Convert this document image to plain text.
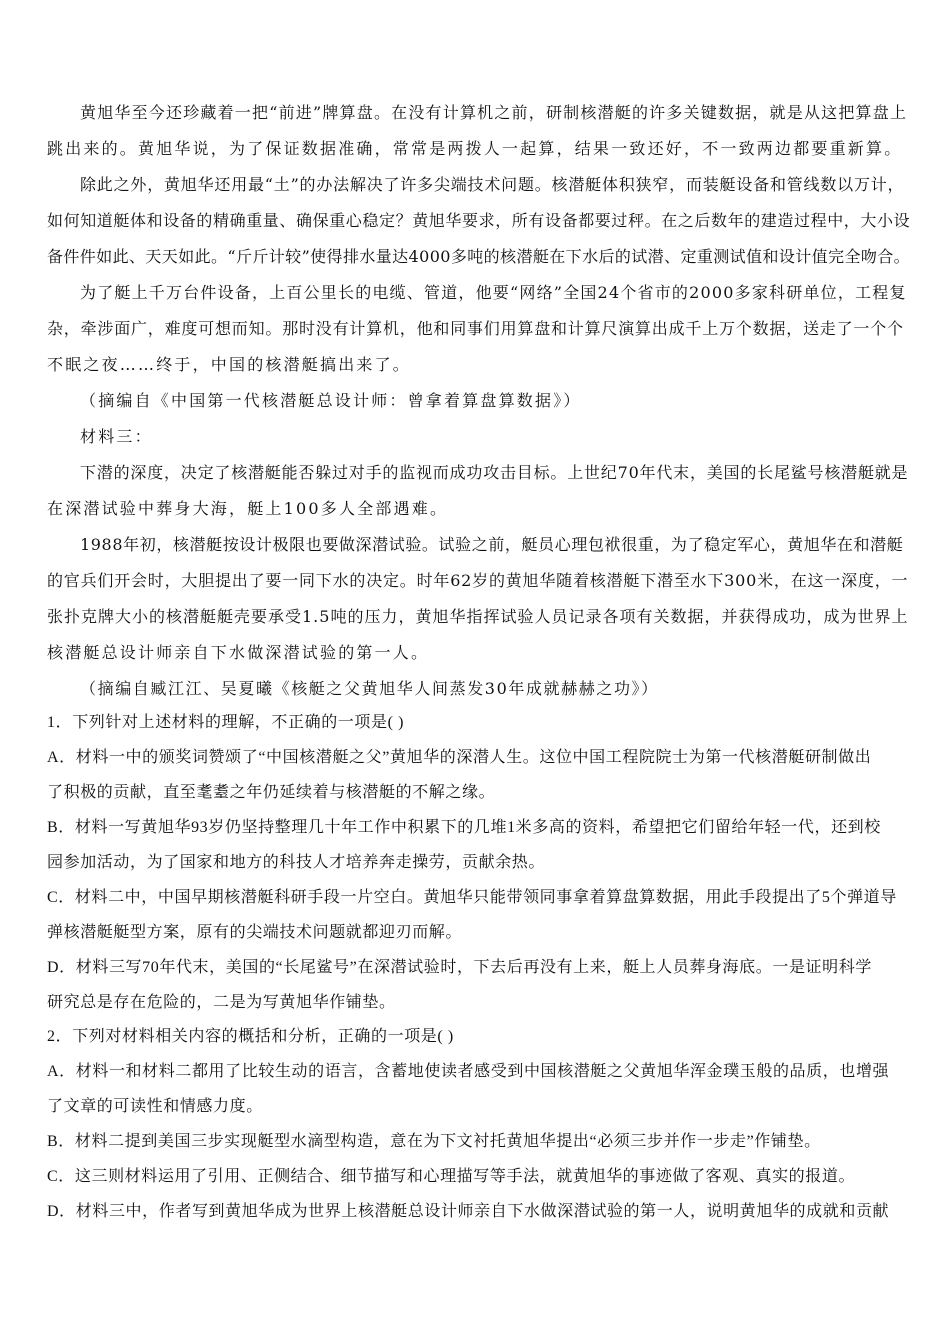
黄旭华至今还珍藏着一把“前进”牌算盘。在没有计算机之前，研制核潜艇的许多关键数据，就是从这把算盘上
跳出来的。黄旭华说，为了保证数据准确，常常是两拨人一起算，结果一致还好，不一致两边都要重新算。
除此之外，黄旭华还用最“土”的办法解决了许多尖端技术问题。核潜艇体积狭窄，而装艇设备和管线数以万计，
如何知道艇体和设备的精确重量、确保重心稳定？黄旭华要求，所有设备都要过秤。在之后数年的建造过程中，大小设
备件件如此、天天如此。“斤斤计较”使得排水量达4000多吨的核潜艇在下水后的试潜、定重测试值和设计值完全吻合。
为了艇上千万台件设备，上百公里长的电缆、管道，他要“网络”全国24个省市的2000多家科研单位，工程复
杂，牵涉面广，难度可想而知。那时没有计算机，他和同事们用算盘和计算尺演算出成千上万个数据，送走了一个个
不眠之夜……终于，中国的核潜艇搞出来了。
（摘编自《中国第一代核潜艇总设计师：曾拿着算盘算数据》）
材料三：
下潜的深度，决定了核潜艇能否躲过对手的监视而成功攻击目标。上世纪70年代末，美国的长尾鲨号核潜艇就是
在深潜试验中葬身大海，艇上100多人全部遇难。
1988年初，核潜艇按设计极限也要做深潜试验。试验之前，艇员心理包袱很重，为了稳定军心，黄旭华在和潜艇
的官兵们开会时，大胆提出了要一同下水的决定。时年62岁的黄旭华随着核潜艇下潜至水下300米，在这一深度，一
张扑克牌大小的核潜艇艇壳要承受1.5吨的压力，黄旭华指挥试验人员记录各项有关数据，并获得成功，成为世界上
核潜艇总设计师亲自下水做深潜试验的第一人。
（摘编自臧江江、吴夏曦《核艇之父黄旭华人间蒸发30年成就赫赫之功》）
1．下列针对上述材料的理解，不正确的一项是( )
A．材料一中的颁奖词赞颂了“中国核潜艇之父”黄旭华的深潜人生。这位中国工程院院士为第一代核潜艇研制做出
了积极的贡献，直至耄耋之年仍延续着与核潜艇的不解之缘。
B．材料一写黄旭华93岁仍坚持整理几十年工作中积累下的几堆1米多高的资料，希望把它们留给年轻一代，还到校
园参加活动，为了国家和地方的科技人才培养奔走操劳，贡献余热。
C．材料二中，中国早期核潜艇科研手段一片空白。黄旭华只能带领同事拿着算盘算数据，用此手段提出了5个弹道导
弹核潜艇艇型方案，原有的尖端技术问题就都迎刃而解。
D．材料三写70年代末，美国的“长尾鲨号”在深潜试验时，下去后再没有上来，艇上人员葬身海底。一是证明科学
研究总是存在危险的，二是为写黄旭华作铺垫。
2．下列对材料相关内容的概括和分析，正确的一项是( )
A．材料一和材料二都用了比较生动的语言，含蓄地使读者感受到中国核潜艇之父黄旭华浑金璞玉般的品质，也增强
了文章的可读性和情感力度。
B．材料二提到美国三步实现艇型水滴型构造，意在为下文衬托黄旭华提出“必须三步并作一步走”作铺垫。
C．这三则材料运用了引用、正侧结合、细节描写和心理描写等手法，就黄旭华的事迹做了客观、真实的报道。
D．材料三中，作者写到黄旭华成为世界上核潜艇总设计师亲自下水做深潜试验的第一人，说明黄旭华的成就和贡献
